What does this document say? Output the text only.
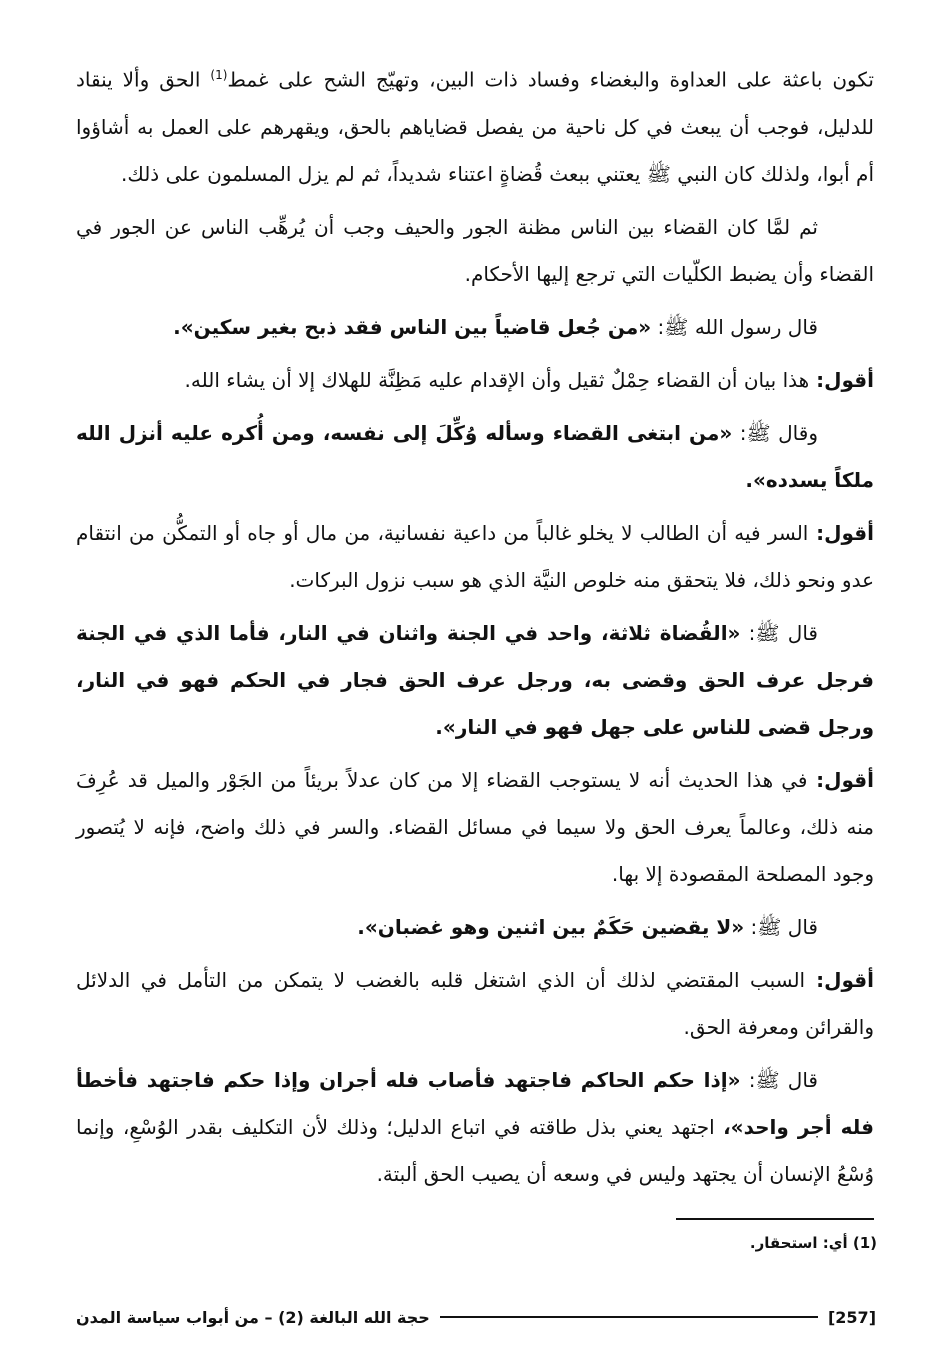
تكون باعثة على العداوة والبغضاء وفساد ذات البين، وتهيّج الشح على غمط$^{(1)}$ الحق وألا ينقاد للدليل، فوجب أن يبعث في كل ناحية من يفصل قضاياهم بالحق، ويقهرهم على العمل به أشاؤوا أم أبوا، ولذلك كان النبي ﷺ يعتني ببعث قُضاةٍ اعتناء شديداً، ثم لم يزل المسلمون على ذلك.

ثم لمَّا كان القضاء بين الناس مظنة الجور والحيف وجب أن يُرهِّب الناس عن الجور في القضاء وأن يضبط الكلّيات التي ترجع إليها الأحكام.

قال رسول الله ﷺ: «من جُعل قاضياً بين الناس فقد ذبح بغير سكين».

أقول: هذا بيان أن القضاء حِمْلٌ ثقيل وأن الإقدام عليه مَظِنَّة للهلاك إلا أن يشاء الله.

وقال ﷺ: «من ابتغى القضاء وسأله وُكِّلَ إلى نفسه، ومن أُكره عليه أنزل الله ملكاً يسدده».

أقول: السر فيه أن الطالب لا يخلو غالباً من داعية نفسانية، من مال أو جاه أو التمكُّن من انتقام عدو ونحو ذلك، فلا يتحقق منه خلوص النيَّة الذي هو سبب نزول البركات.

قال ﷺ: «القُضاة ثلاثة، واحد في الجنة واثنان في النار، فأما الذي في الجنة فرجل عرف الحق وقضى به، ورجل عرف الحق فجار في الحكم فهو في النار، ورجل قضى للناس على جهل فهو في النار».

أقول: في هذا الحديث أنه لا يستوجب القضاء إلا من كان عدلاً بريئاً من الجَوْر والميل قد عُرِفَ منه ذلك، وعالماً يعرف الحق ولا سيما في مسائل القضاء. والسر في ذلك واضح، فإنه لا يُتصور وجود المصلحة المقصودة إلا بها.

قال ﷺ: «لا يقضين حَكَمٌ بين اثنين وهو غضبان».

أقول: السبب المقتضي لذلك أن الذي اشتغل قلبه بالغضب لا يتمكن من التأمل في الدلائل والقرائن ومعرفة الحق.

قال ﷺ: «إذا حكم الحاكم فاجتهد فأصاب فله أجران وإذا حكم فاجتهد فأخطأ فله أجر واحد»، اجتهد يعني بذل طاقته في اتباع الدليل؛ وذلك لأن التكليف بقدر الوُسْعِ، وإنما وُسْعُ الإنسان أن يجتهد وليس في وسعه أن يصيب الحق ألبتة.

(1) أي: استحقار.
[257]
حجة الله البالغة (2) – من أبواب سياسة المدن
